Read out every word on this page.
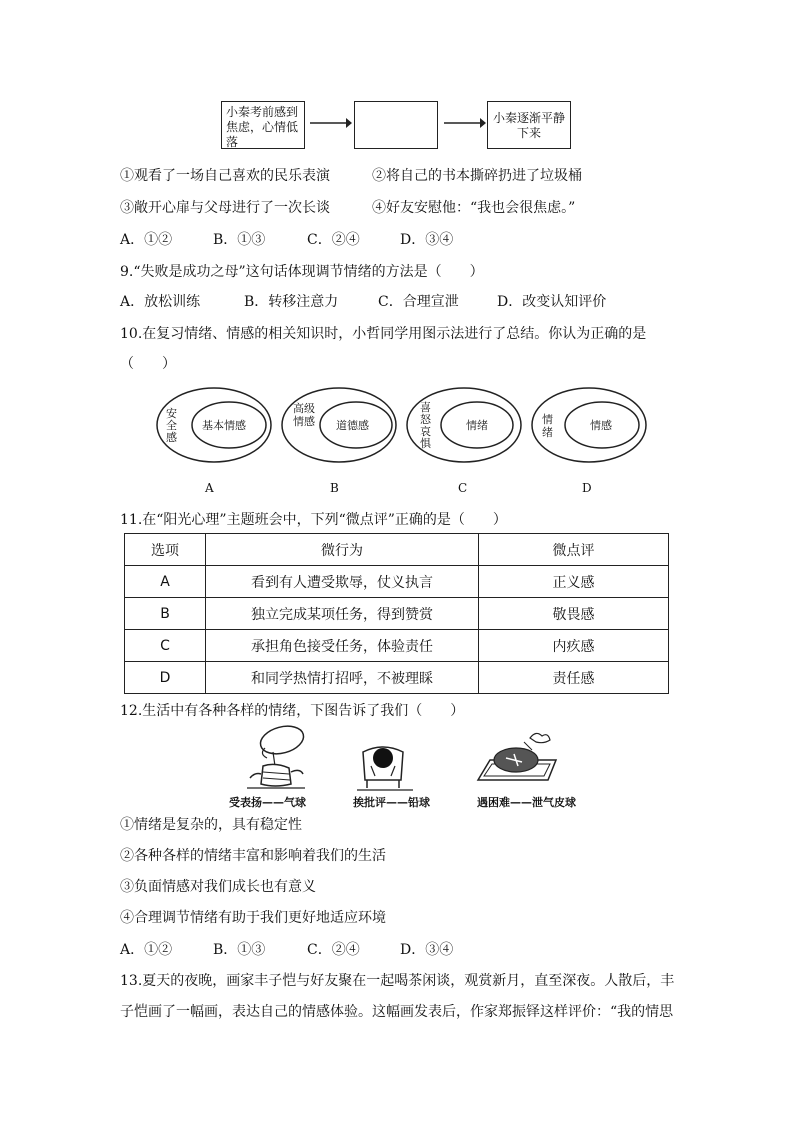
小秦考前感到焦虑，心情低落
小秦逐渐平静下来
①观看了一场自己喜欢的民乐表演	②将自己的书本撕碎扔进了垃圾桶
③敞开心扉与父母进行了一次长谈	④好友安慰他：“我也会很焦虑。”
A．①②	B．①③	C．②④	D．③④
9.“失败是成功之母”这句话体现调节情绪的方法是（　　）
A．放松训练	B．转移注意力	C．合理宣泄	D．改变认知评价
10.在复习情绪、情感的相关知识时，小哲同学用图示法进行了总结。你认为正确的是
（　　）
安全感
基本情感
A
高级情感	道德感
B
喜怒哀惧
情绪
C
情绪
情感
D
11.在“阳光心理”主题班会中，下列“微点评”正确的是（　　）
选项	微行为	微点评
A	看到有人遭受欺辱，仗义执言	正义感
B	独立完成某项任务，得到赞赏	敬畏感
C	承担角色接受任务，体验责任	内疚感
D	和同学热情打招呼，不被理睬	责任感
12.生活中有各种各样的情绪，下图告诉了我们（　　）
受表扬——气球	挨批评——铅球	遇困难——泄气皮球
①情绪是复杂的，具有稳定性
②各种各样的情绪丰富和影响着我们的生活
③负面情感对我们成长也有意义
④合理调节情绪有助于我们更好地适应环境
A．①②	B．①③	C．②④	D．③④
13.夏天的夜晚，画家丰子恺与好友聚在一起喝茶闲谈，观赏新月，直至深夜。人散后，丰
子恺画了一幅画，表达自己的情感体验。这幅画发表后，作家郑振铎这样评价：“我的情思
